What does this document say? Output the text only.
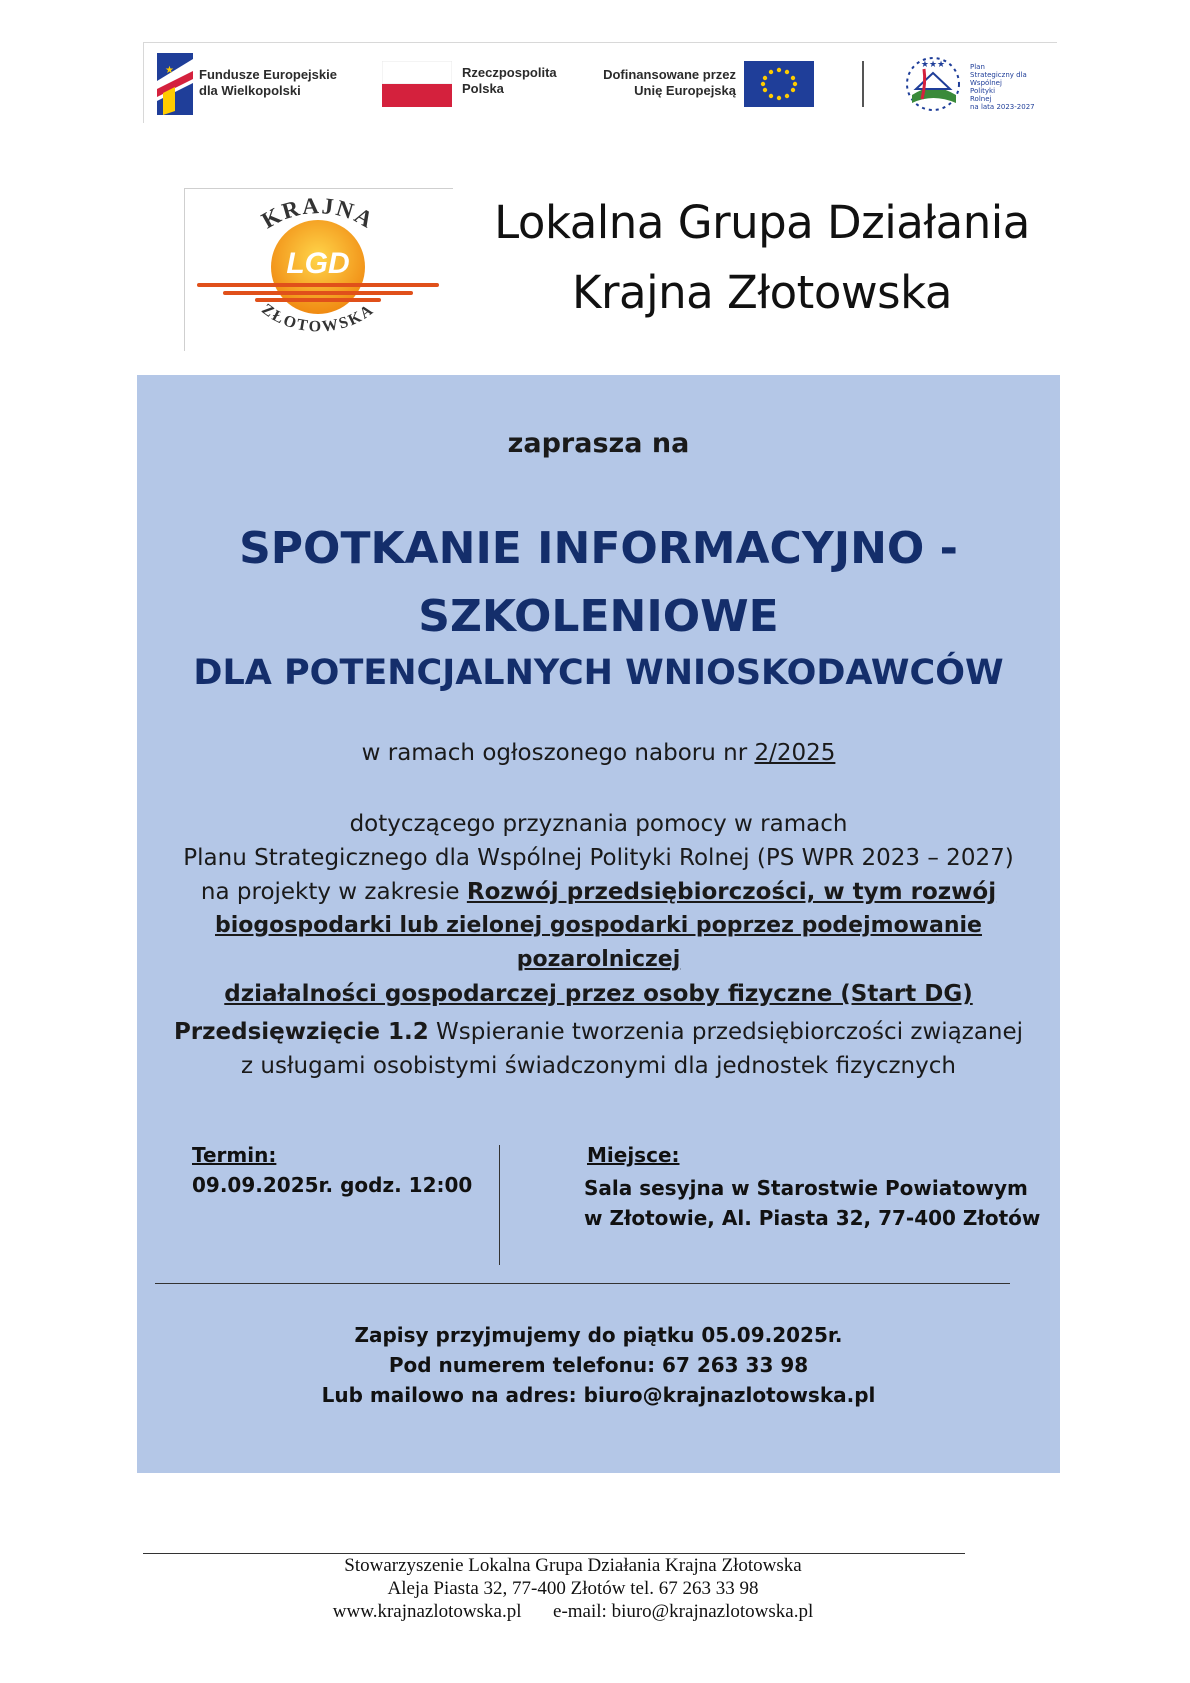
★ Fundusze Europejskie
dla Wielkopolski
Rzeczpospolita
Polska
Dofinansowane przez
Unię Europejską
★★★	Plan
Strategiczny dla
Wspólnej
Polityki
Rolnej
na lata 2023-2027
KRAJNA
LGD
ZŁOTOWSKA
Lokalna Grupa Działania
Krajna Złotowska
zaprasza na
SPOTKANIE INFORMACYJNO -
SZKOLENIOWE
DLA POTENCJALNYCH WNIOSKODAWCÓW
w ramach ogłoszonego naboru nr 2/2025
dotyczącego przyznania pomocy w ramach
Planu Strategicznego dla Wspólnej Polityki Rolnej (PS WPR 2023 – 2027)
na projekty w zakresie Rozwój przedsiębiorczości, w tym rozwój
biogospodarki lub zielonej gospodarki poprzez podejmowanie pozarolniczej
działalności gospodarczej przez osoby fizyczne (Start DG)
Przedsięwzięcie 1.2 Wspieranie tworzenia przedsiębiorczości związanej
z usługami osobistymi świadczonymi dla jednostek fizycznych
Termin:
09.09.2025r. godz. 12:00
Miejsce:
Sala sesyjna w Starostwie Powiatowym
w Złotowie, Al. Piasta 32, 77-400 Złotów
Zapisy przyjmujemy do piątku 05.09.2025r.
Pod numerem telefonu: 67 263 33 98
Lub mailowo na adres: biuro@krajnazlotowska.pl
Stowarzyszenie Lokalna Grupa Działania Krajna Złotowska
Aleja Piasta 32, 77-400 Złotów tel. 67 263 33 98
www.krajnazlotowska.pl e-mail: biuro@krajnazlotowska.pl
